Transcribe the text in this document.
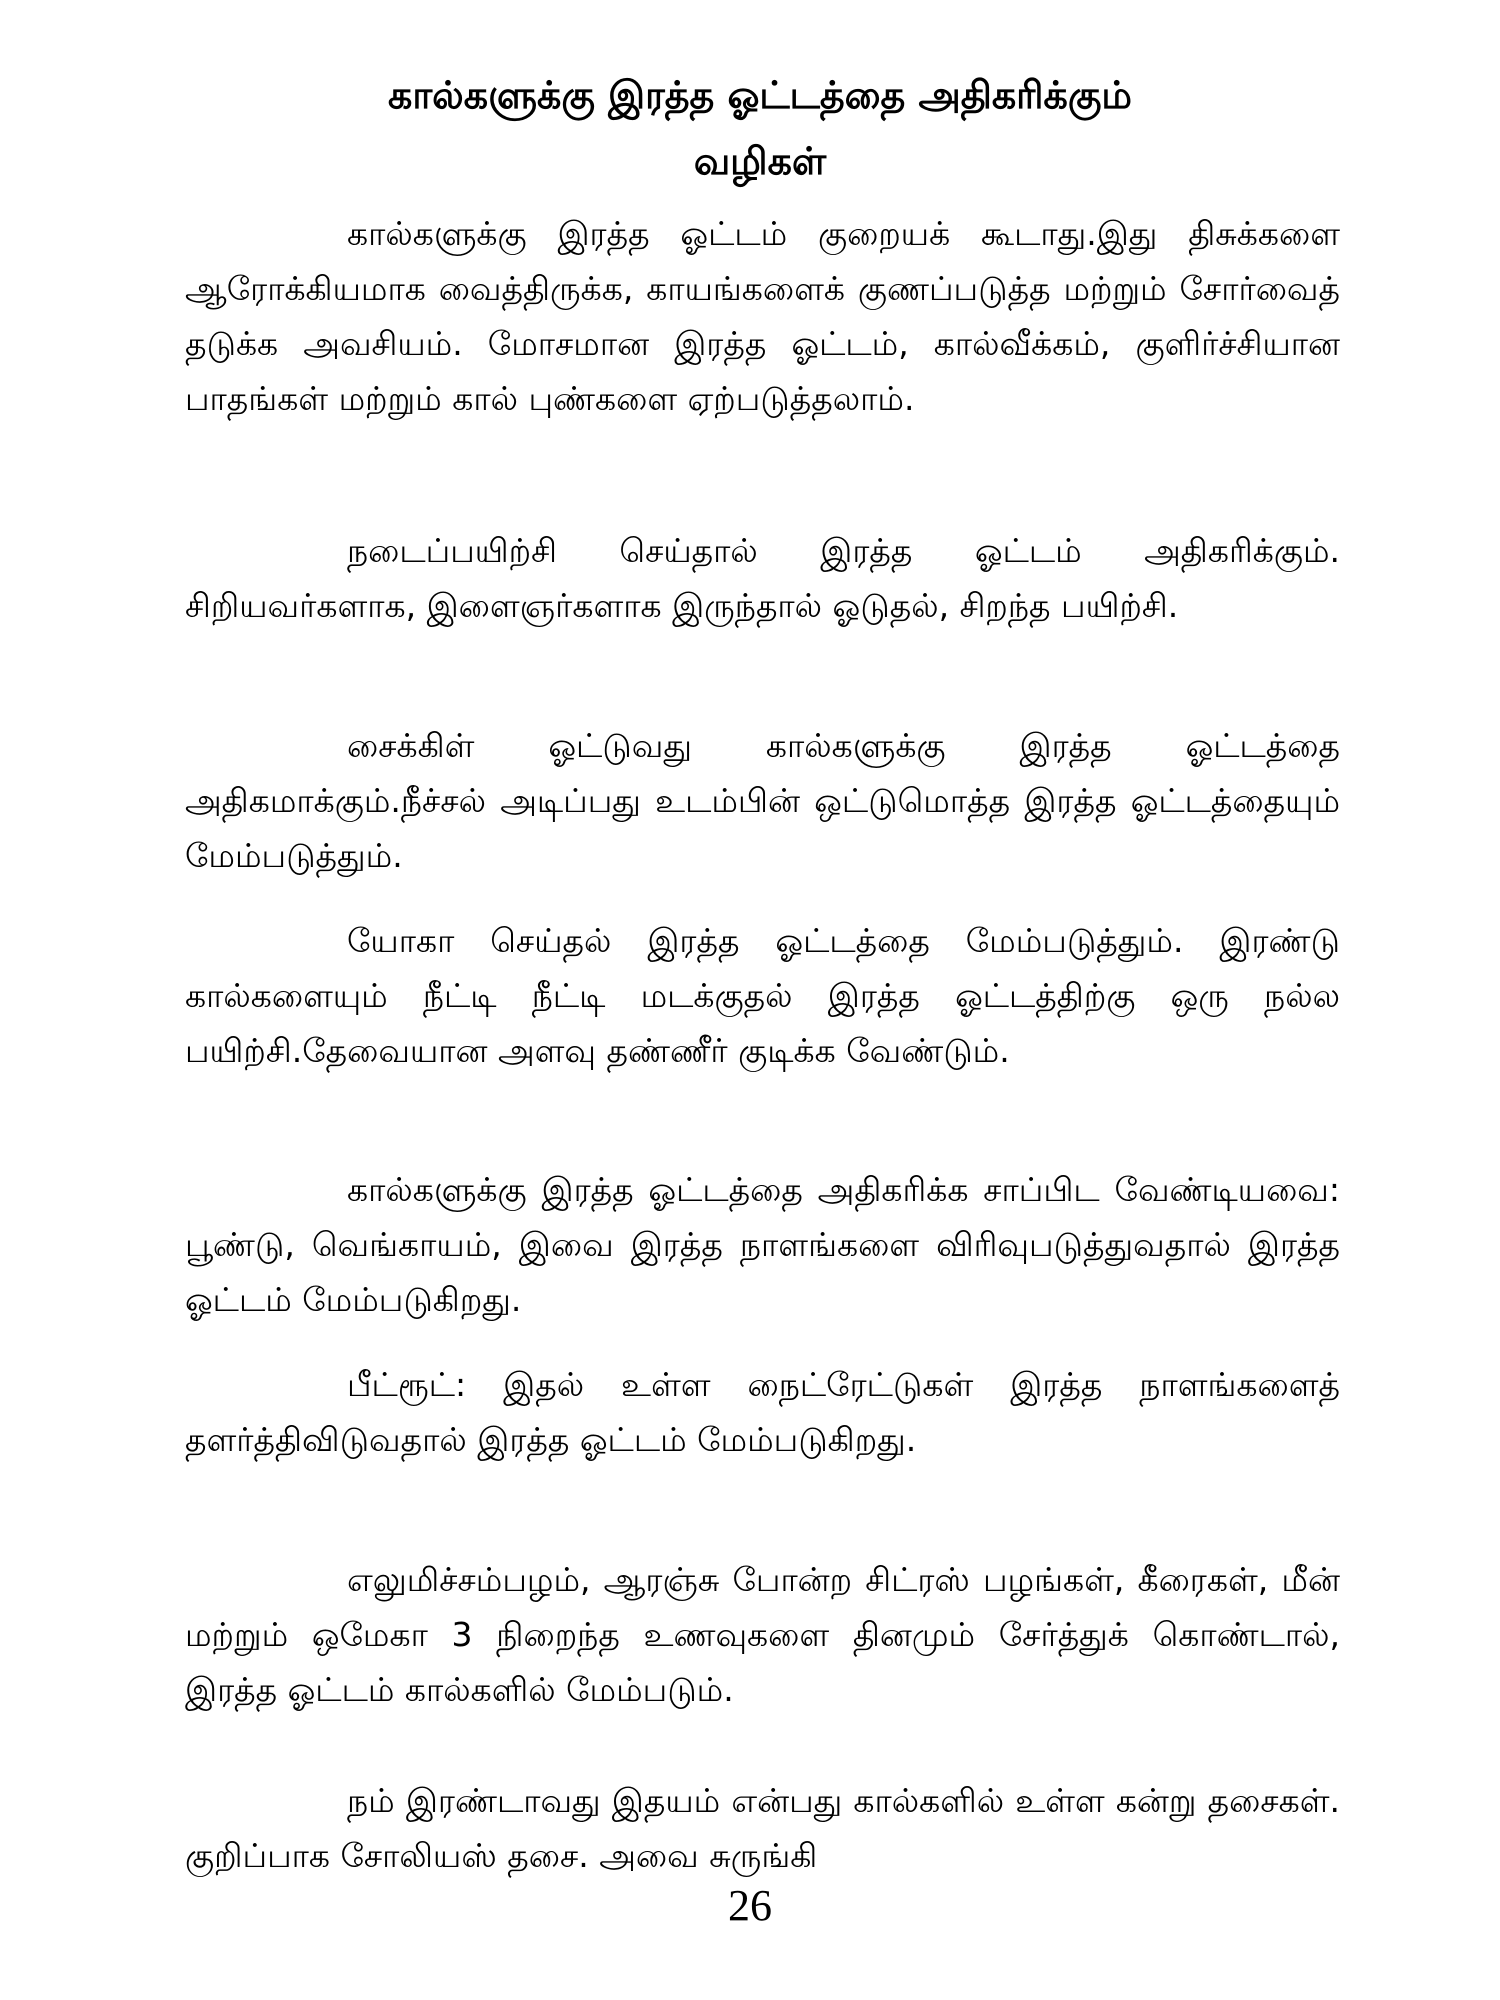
கால்களுக்கு இரத்த ஓட்டத்தை அதிகரிக்கும்
வழிகள்

கால்களுக்கு இரத்த ஓட்டம் குறையக் கூடாது.இது திசுக்களை ஆரோக்கியமாக வைத்திருக்க, காயங்களைக் குணப்படுத்த மற்றும் சோர்வைத் தடுக்க அவசியம். மோசமான இரத்த ஓட்டம், கால்வீக்கம், குளிர்ச்சியான பாதங்கள் மற்றும் கால் புண்களை ஏற்படுத்தலாம்.

நடைப்பயிற்சி செய்தால் இரத்த ஓட்டம் அதிகரிக்கும். சிறியவர்களாக, இளைஞர்களாக இருந்தால் ஓடுதல், சிறந்த பயிற்சி.

சைக்கிள் ஓட்டுவது கால்களுக்கு இரத்த ஓட்டத்தை அதிகமாக்கும்.நீச்சல் அடிப்பது உடம்பின் ஒட்டுமொத்த இரத்த ஓட்டத்தையும் மேம்படுத்தும்.

யோகா செய்தல் இரத்த ஓட்டத்தை மேம்படுத்தும். இரண்டு கால்களையும் நீட்டி நீட்டி மடக்குதல் இரத்த ஓட்டத்திற்கு ஒரு நல்ல பயிற்சி.தேவையான அளவு தண்ணீர் குடிக்க வேண்டும்.

கால்களுக்கு இரத்த ஓட்டத்தை அதிகரிக்க சாப்பிட வேண்டியவை: பூண்டு, வெங்காயம், இவை இரத்த நாளங்களை விரிவுபடுத்துவதால் இரத்த ஓட்டம் மேம்படுகிறது.

பீட்ரூட்: இதல் உள்ள நைட்ரேட்டுகள் இரத்த நாளங்களைத் தளர்த்திவிடுவதால் இரத்த ஓட்டம் மேம்படுகிறது.

எலுமிச்சம்பழம், ஆரஞ்சு போன்ற சிட்ரஸ் பழங்கள், கீரைகள், மீன் மற்றும் ஒமேகா 3 நிறைந்த உணவுகளை தினமும் சேர்த்துக் கொண்டால், இரத்த ஓட்டம் கால்களில் மேம்படும்.

நம் இரண்டாவது இதயம் என்பது கால்களில் உள்ள கன்று தசைகள். குறிப்பாக சோலியஸ் தசை. அவை சுருங்கி

26
